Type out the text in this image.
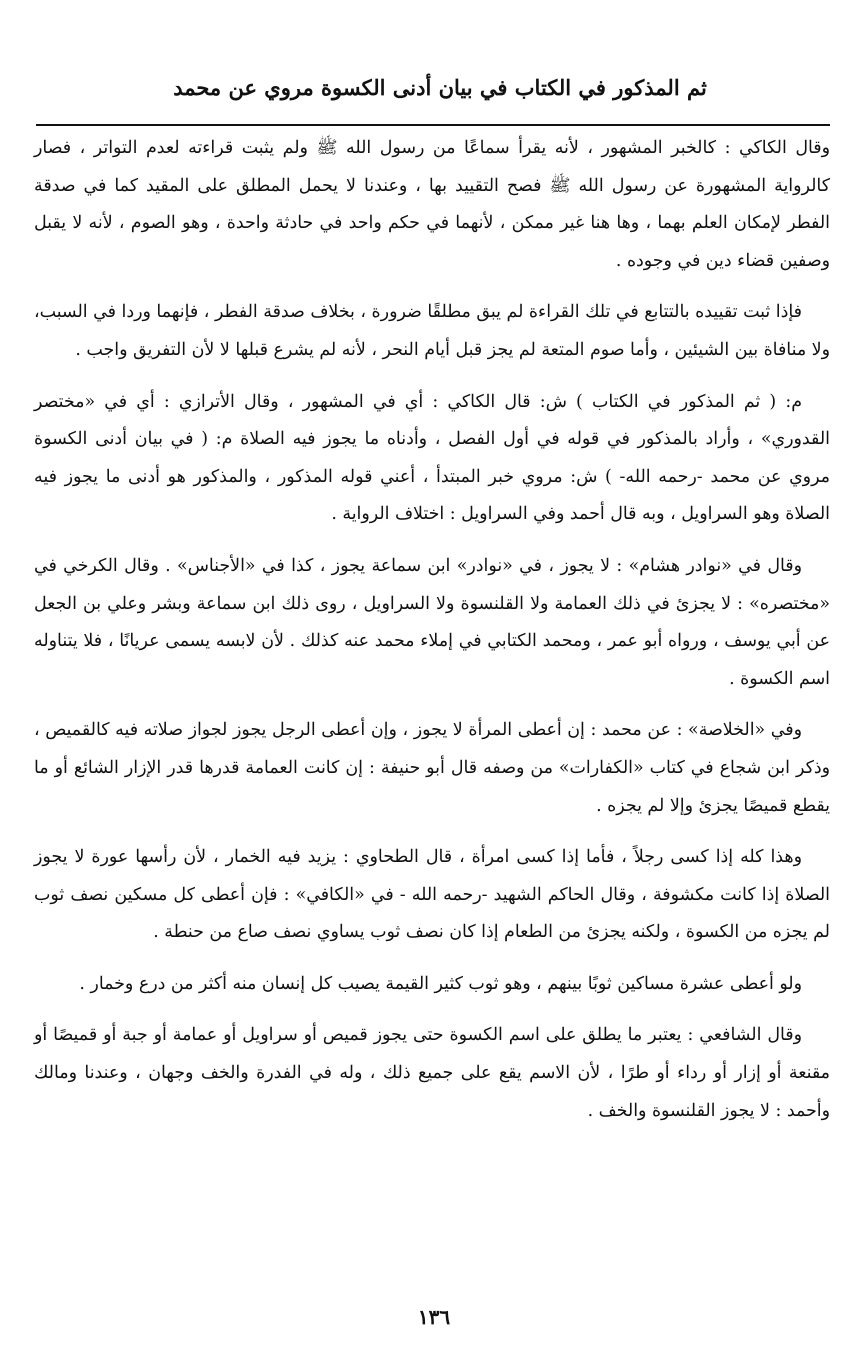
ثم المذكور في الكتاب في بيان أدنى الكسوة مروي عن محمد

وقال الكاكي : كالخبر المشهور ، لأنه يقرأ سماعًا من رسول الله ﷺ ولم يثبت قراءته لعدم التواتر ، فصار كالرواية المشهورة عن رسول الله ﷺ فصح التقييد بها ، وعندنا لا يحمل المطلق على المقيد كما في صدقة الفطر لإمكان العلم بهما ، وها هنا غير ممكن ، لأنهما في حكم واحد في حادثة واحدة ، وهو الصوم ، لأنه لا يقبل وصفين قضاء دين في وجوده .

فإذا ثبت تقييده بالتتابع في تلك القراءة لم يبق مطلقًا ضرورة ، بخلاف صدقة الفطر ، فإنهما وردا في السبب، ولا منافاة بين الشيئين ، وأما صوم المتعة لم يجز قبل أيام النحر ، لأنه لم يشرع قبلها لا لأن التفريق واجب .

م: ( ثم المذكور في الكتاب ) ش: قال الكاكي : أي في المشهور ، وقال الأترازي : أي في «مختصر القدوري» ، وأراد بالمذكور في قوله في أول الفصل ، وأدناه ما يجوز فيه الصلاة م: ( في بيان أدنى الكسوة مروي عن محمد -رحمه الله- ) ش: مروي خبر المبتدأ ، أعني قوله المذكور ، والمذكور هو أدنى ما يجوز فيه الصلاة وهو السراويل ، وبه قال أحمد وفي السراويل : اختلاف الرواية .

وقال في «نوادر هشام» : لا يجوز ، في «نوادر» ابن سماعة يجوز ، كذا في «الأجناس» . وقال الكرخي في «مختصره» : لا يجزئ في ذلك العمامة ولا القلنسوة ولا السراويل ، روى ذلك ابن سماعة وبشر وعلي بن الجعل عن أبي يوسف ، ورواه أبو عمر ، ومحمد الكتابي في إملاء محمد عنه كذلك . لأن لابسه يسمى عريانًا ، فلا يتناوله اسم الكسوة .

وفي «الخلاصة» : عن محمد : إن أعطى المرأة لا يجوز ، وإن أعطى الرجل يجوز لجواز صلاته فيه كالقميص ، وذكر ابن شجاع في كتاب «الكفارات» من وصفه قال أبو حنيفة : إن كانت العمامة قدرها قدر الإزار الشائع أو ما يقطع قميصًا يجزئ وإلا لم يجزه .

وهذا كله إذا كسى رجلاً ، فأما إذا كسى امرأة ، قال الطحاوي : يزيد فيه الخمار ، لأن رأسها عورة لا يجوز الصلاة إذا كانت مكشوفة ، وقال الحاكم الشهيد -رحمه الله - في «الكافي» : فإن أعطى كل مسكين نصف ثوب لم يجزه من الكسوة ، ولكنه يجزئ من الطعام إذا كان نصف ثوب يساوي نصف صاع من حنطة .

ولو أعطى عشرة مساكين ثوبًا بينهم ، وهو ثوب كثير القيمة يصيب كل إنسان منه أكثر من درع وخمار .

وقال الشافعي : يعتبر ما يطلق على اسم الكسوة حتى يجوز قميص أو سراويل أو عمامة أو جبة أو قميصًا أو مقنعة أو إزار أو رداء أو طرًا ، لأن الاسم يقع على جميع ذلك ، وله في الفدرة والخف وجهان ، وعندنا ومالك وأحمد : لا يجوز القلنسوة والخف .

١٣٦
